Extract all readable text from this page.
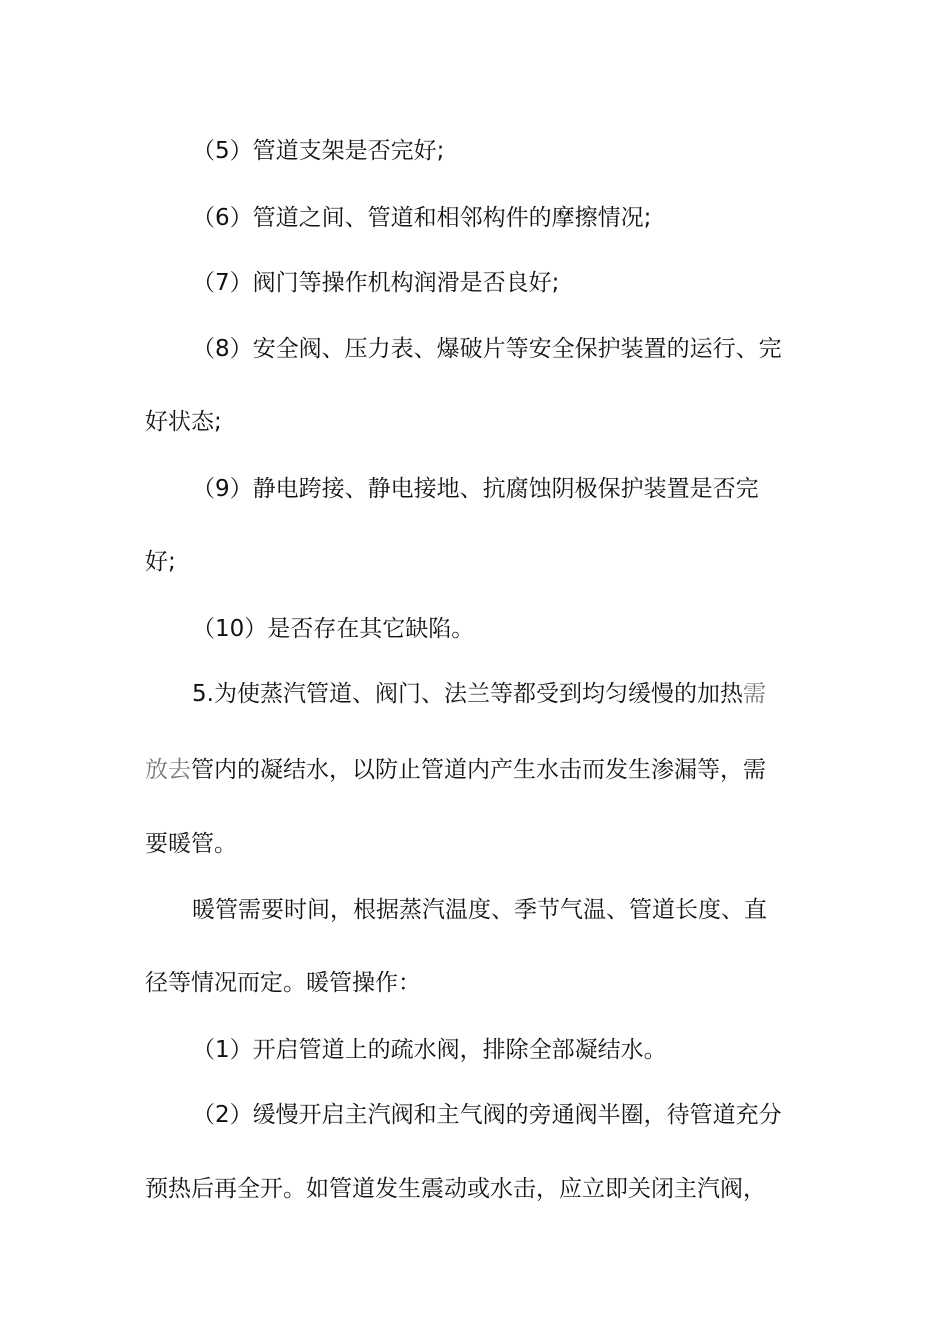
（5）管道支架是否完好;
（6）管道之间、管道和相邻构件的摩擦情况;
（7）阀门等操作机构润滑是否良好;
（8）安全阀、压力表、爆破片等安全保护装置的运行、完
好状态;
（9）静电跨接、静电接地、抗腐蚀阴极保护装置是否完
好;
（10）是否存在其它缺陷。
5.为使蒸汽管道、阀门、法兰等都受到均匀缓慢的加热需
放去管内的凝结水，以防止管道内产生水击而发生渗漏等，需
要暖管。
暖管需要时间，根据蒸汽温度、季节气温、管道长度、直
径等情况而定。暖管操作：
（1）开启管道上的疏水阀，排除全部凝结水。
（2）缓慢开启主汽阀和主气阀的旁通阀半圈，待管道充分
预热后再全开。如管道发生震动或水击，应立即关闭主汽阀，
